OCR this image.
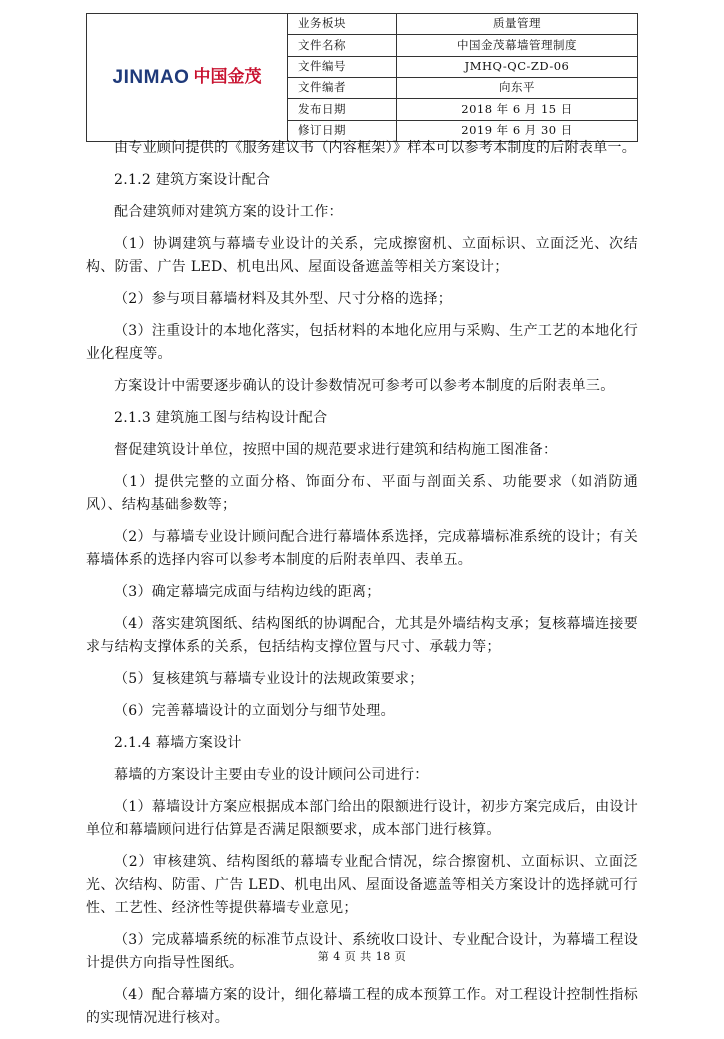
JINMAO 中国金茂	业务板块	质量管理
	文件名称	中国金茂幕墙管理制度
	文件编号	JMHQ-QC-ZD-06
	文件编者	向东平
	发布日期	2018 年 6 月 15 日
	修订日期	2019 年 6 月 30 日

由专业顾问提供的《服务建议书（内容框架）》样本可以参考本制度的后附表单一。

2.1.2 建筑方案设计配合

配合建筑师对建筑方案的设计工作：

（1）协调建筑与幕墙专业设计的关系，完成擦窗机、立面标识、立面泛光、次结构、防雷、广告 LED、机电出风、屋面设备遮盖等相关方案设计；

（2）参与项目幕墙材料及其外型、尺寸分格的选择；

（3）注重设计的本地化落实，包括材料的本地化应用与采购、生产工艺的本地化行业化程度等。

方案设计中需要逐步确认的设计参数情况可参考可以参考本制度的后附表单三。

2.1.3 建筑施工图与结构设计配合

督促建筑设计单位，按照中国的规范要求进行建筑和结构施工图准备：

（1）提供完整的立面分格、饰面分布、平面与剖面关系、功能要求（如消防通风）、结构基础参数等；

（2）与幕墙专业设计顾问配合进行幕墙体系选择，完成幕墙标准系统的设计；有关幕墙体系的选择内容可以参考本制度的后附表单四、表单五。

（3）确定幕墙完成面与结构边线的距离；

（4）落实建筑图纸、结构图纸的协调配合，尤其是外墙结构支承；复核幕墙连接要求与结构支撑体系的关系，包括结构支撑位置与尺寸、承载力等；

（5）复核建筑与幕墙专业设计的法规政策要求；

（6）完善幕墙设计的立面划分与细节处理。

2.1.4 幕墙方案设计

幕墙的方案设计主要由专业的设计顾问公司进行：

（1）幕墙设计方案应根据成本部门给出的限额进行设计，初步方案完成后，由设计单位和幕墙顾问进行估算是否满足限额要求，成本部门进行核算。

（2）审核建筑、结构图纸的幕墙专业配合情况，综合擦窗机、立面标识、立面泛光、次结构、防雷、广告 LED、机电出风、屋面设备遮盖等相关方案设计的选择就可行性、工艺性、经济性等提供幕墙专业意见；

（3）完成幕墙系统的标准节点设计、系统收口设计、专业配合设计，为幕墙工程设计提供方向指导性图纸。

（4）配合幕墙方案的设计，细化幕墙工程的成本预算工作。对工程设计控制性指标的实现情况进行核对。

第 4 页 共 18 页
